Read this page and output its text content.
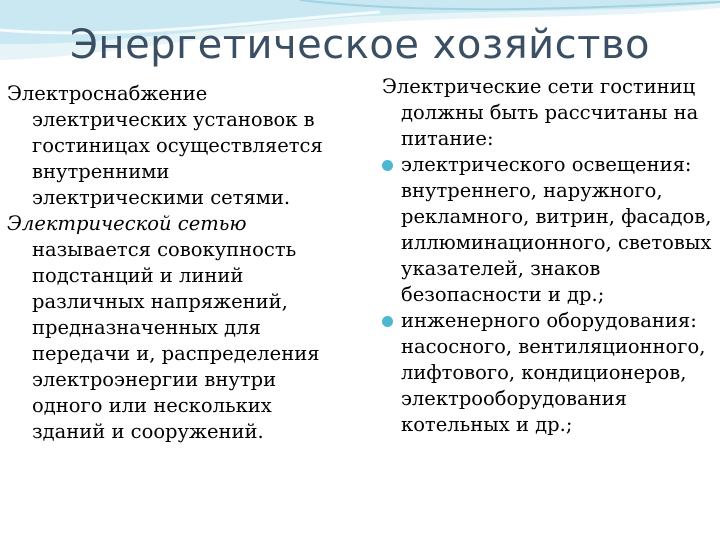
Энергетическое хозяйство

Электроснабжение электрических установок в гостиницах осуществляется внутренними электрическими сетями.

Электрической сетью называется совокупность подстанций и линий различных напряжений, предназначенных для передачи и, распределения электроэнергии внутри одного или нескольких зданий и сооружений.

Электрические сети гостиниц должны быть рассчитаны на питание:

электрического освещения: внутреннего, наружного, рекламного, витрин, фасадов, иллюминационного, световых указателей, знаков безопасности и др.;
инженерного оборудования: насосного, вентиляционного, лифтового, кондиционеров, электрооборудования котельных и др.;
